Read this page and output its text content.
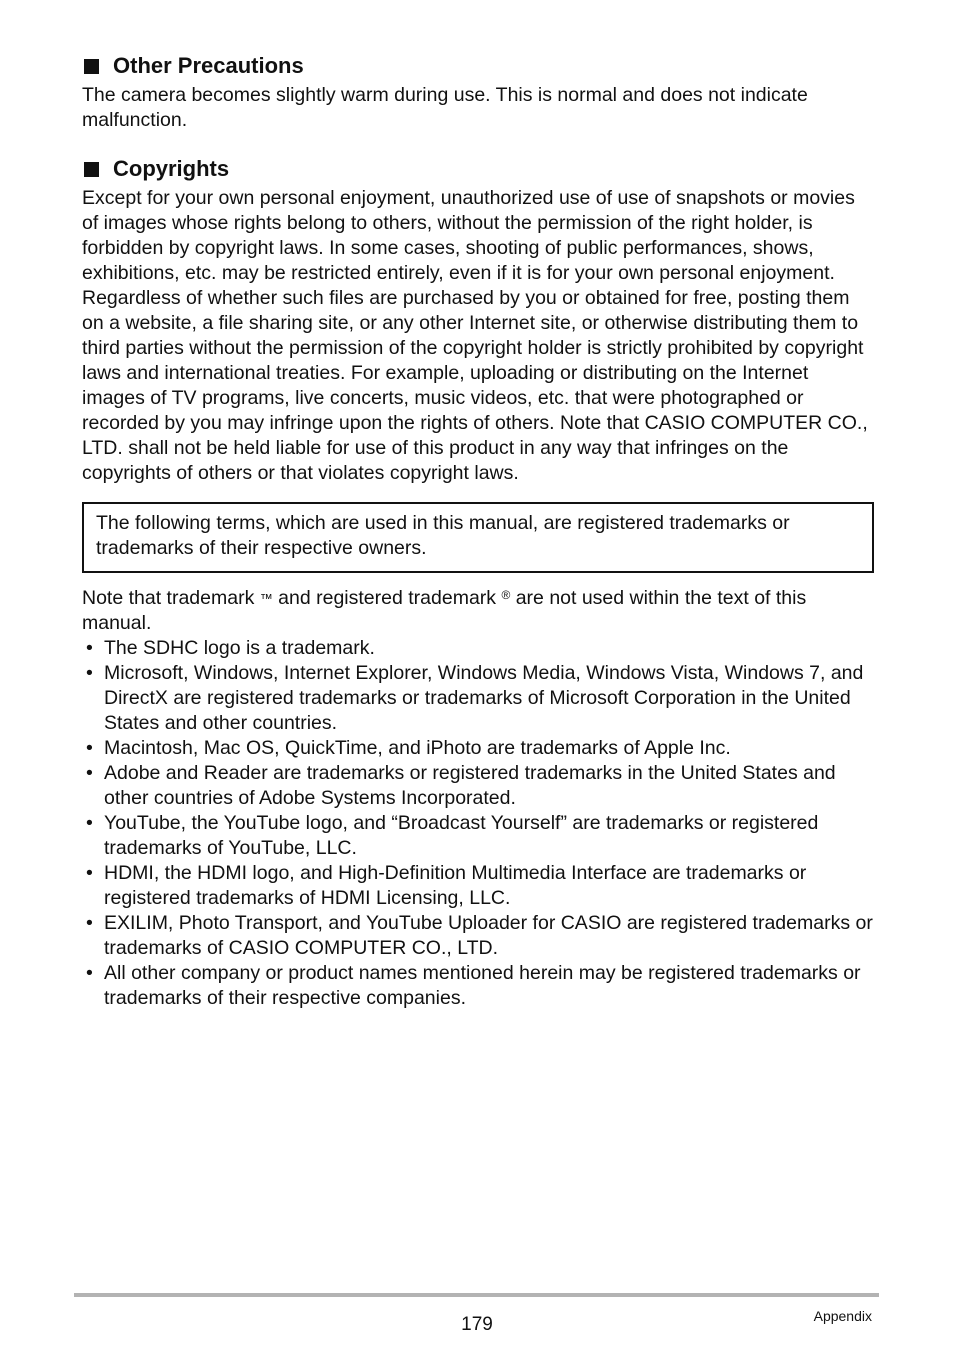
Other Precautions

The camera becomes slightly warm during use. This is normal and does not indicate malfunction.

Copyrights

Except for your own personal enjoyment, unauthorized use of use of snapshots or movies of images whose rights belong to others, without the permission of the right holder, is forbidden by copyright laws. In some cases, shooting of public performances, shows, exhibitions, etc. may be restricted entirely, even if it is for your own personal enjoyment. Regardless of whether such files are purchased by you or obtained for free, posting them on a website, a file sharing site, or any other Internet site, or otherwise distributing them to third parties without the permission of the copyright holder is strictly prohibited by copyright laws and international treaties. For example, uploading or distributing on the Internet images of TV programs, live concerts, music videos, etc. that were photographed or recorded by you may infringe upon the rights of others. Note that CASIO COMPUTER CO., LTD. shall not be held liable for use of this product in any way that infringes on the copyrights of others or that violates copyright laws.

The following terms, which are used in this manual, are registered trademarks or trademarks of their respective owners.
Note that trademark ™ and registered trademark ® are not used within the text of this manual.
• The SDHC logo is a trademark.
• Microsoft, Windows, Internet Explorer, Windows Media, Windows Vista, Windows 7, and DirectX are registered trademarks or trademarks of Microsoft Corporation in the United States and other countries.
• Macintosh, Mac OS, QuickTime, and iPhoto are trademarks of Apple Inc.
• Adobe and Reader are trademarks or registered trademarks in the United States and other countries of Adobe Systems Incorporated.
• YouTube, the YouTube logo, and “Broadcast Yourself” are trademarks or registered trademarks of YouTube, LLC.
• HDMI, the HDMI logo, and High-Definition Multimedia Interface are trademarks or registered trademarks of HDMI Licensing, LLC.
• EXILIM, Photo Transport, and YouTube Uploader for CASIO are registered trademarks or trademarks of CASIO COMPUTER CO., LTD.
• All other company or product names mentioned herein may be registered trademarks or trademarks of their respective companies.
179	Appendix
